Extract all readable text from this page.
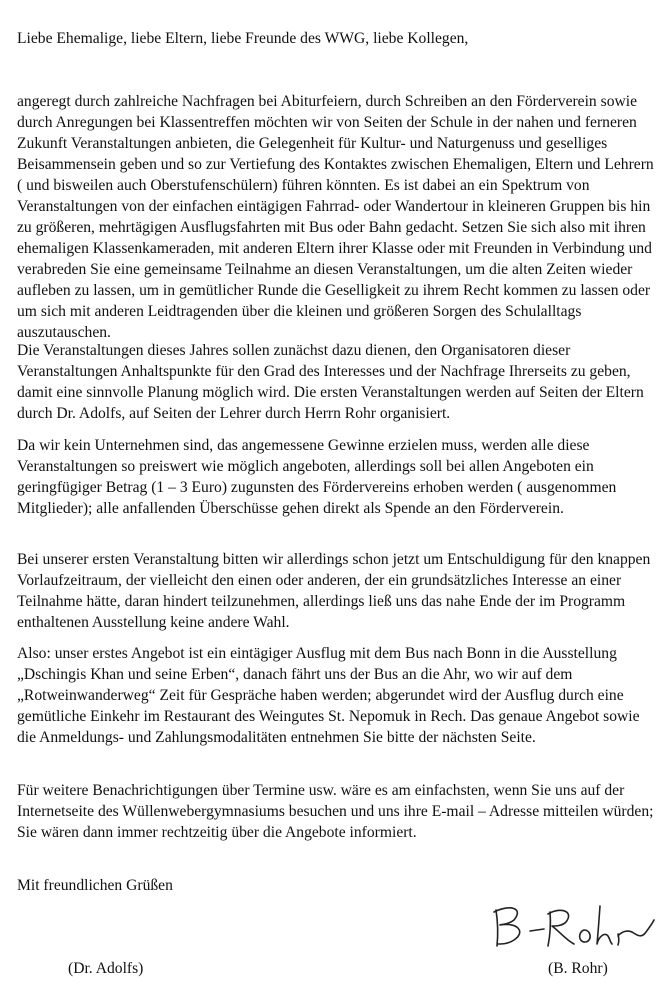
Liebe Ehemalige, liebe Eltern, liebe Freunde des WWG, liebe Kollegen,

angeregt durch zahlreiche Nachfragen bei Abiturfeiern, durch Schreiben an den Förderverein sowie durch Anregungen bei Klassentreffen möchten wir von Seiten der Schule in der nahen und ferneren Zukunft Veranstaltungen anbieten, die Gelegenheit für Kultur- und Naturgenuss und geselliges Beisammensein geben und so zur Vertiefung des Kontaktes zwischen Ehemaligen, Eltern und Lehrern ( und bisweilen auch Oberstufenschülern) führen könnten. Es ist dabei an ein Spektrum von Veranstaltungen von der einfachen eintägigen Fahrrad- oder Wandertour in kleineren Gruppen bis hin zu größeren, mehrtägigen Ausflugsfahrten mit Bus oder Bahn gedacht. Setzen Sie sich also mit ihren ehemaligen Klassenkameraden, mit anderen Eltern ihrer Klasse oder mit Freunden in Verbindung und verabreden Sie eine gemeinsame Teilnahme an diesen Veranstaltungen, um die alten Zeiten wieder aufleben zu lassen, um in gemütlicher Runde die Geselligkeit zu ihrem Recht kommen zu lassen oder um sich mit anderen Leidtragenden über die kleinen und größeren Sorgen des Schulalltags auszutauschen.

Die Veranstaltungen dieses Jahres sollen zunächst dazu dienen, den Organisatoren dieser Veranstaltungen Anhaltspunkte für den Grad des Interesses und der Nachfrage Ihrerseits zu geben, damit eine sinnvolle Planung möglich wird. Die ersten Veranstaltungen werden auf Seiten der Eltern durch Dr. Adolfs, auf Seiten der Lehrer durch Herrn Rohr organisiert.

Da wir kein Unternehmen sind, das angemessene Gewinne erzielen muss, werden alle diese Veranstaltungen so preiswert wie möglich angeboten, allerdings soll bei allen Angeboten ein geringfügiger Betrag (1 – 3 Euro) zugunsten des Fördervereins erhoben werden ( ausgenommen Mitglieder); alle anfallenden Überschüsse gehen direkt als Spende an den Förderverein.

Bei unserer ersten Veranstaltung bitten wir allerdings schon jetzt um Entschuldigung für den knappen Vorlaufzeitraum, der vielleicht den einen oder anderen, der ein grundsätzliches Interesse an einer Teilnahme hätte, daran hindert teilzunehmen, allerdings ließ uns das nahe Ende der im Programm enthaltenen Ausstellung keine andere Wahl.

Also: unser erstes Angebot ist ein eintägiger Ausflug mit dem Bus nach Bonn in die Ausstellung „Dschingis Khan und seine Erben“, danach fährt uns der Bus an die Ahr, wo wir auf dem „Rotweinwanderweg“ Zeit für Gespräche haben werden; abgerundet wird der Ausflug durch eine gemütliche Einkehr im Restaurant des Weingutes St. Nepomuk in Rech. Das genaue Angebot sowie die Anmeldungs- und Zahlungsmodalitäten entnehmen Sie bitte der nächsten Seite.

Für weitere Benachrichtigungen über Termine usw. wäre es am einfachsten, wenn Sie uns auf der Internetseite des Wüllenwebergymnasiums besuchen und uns ihre E-mail – Adresse mitteilen würden; Sie wären dann immer rechtzeitig über die Angebote informiert.

Mit freundlichen Grüßen
(Dr. Adolfs)	(B. Rohr)
